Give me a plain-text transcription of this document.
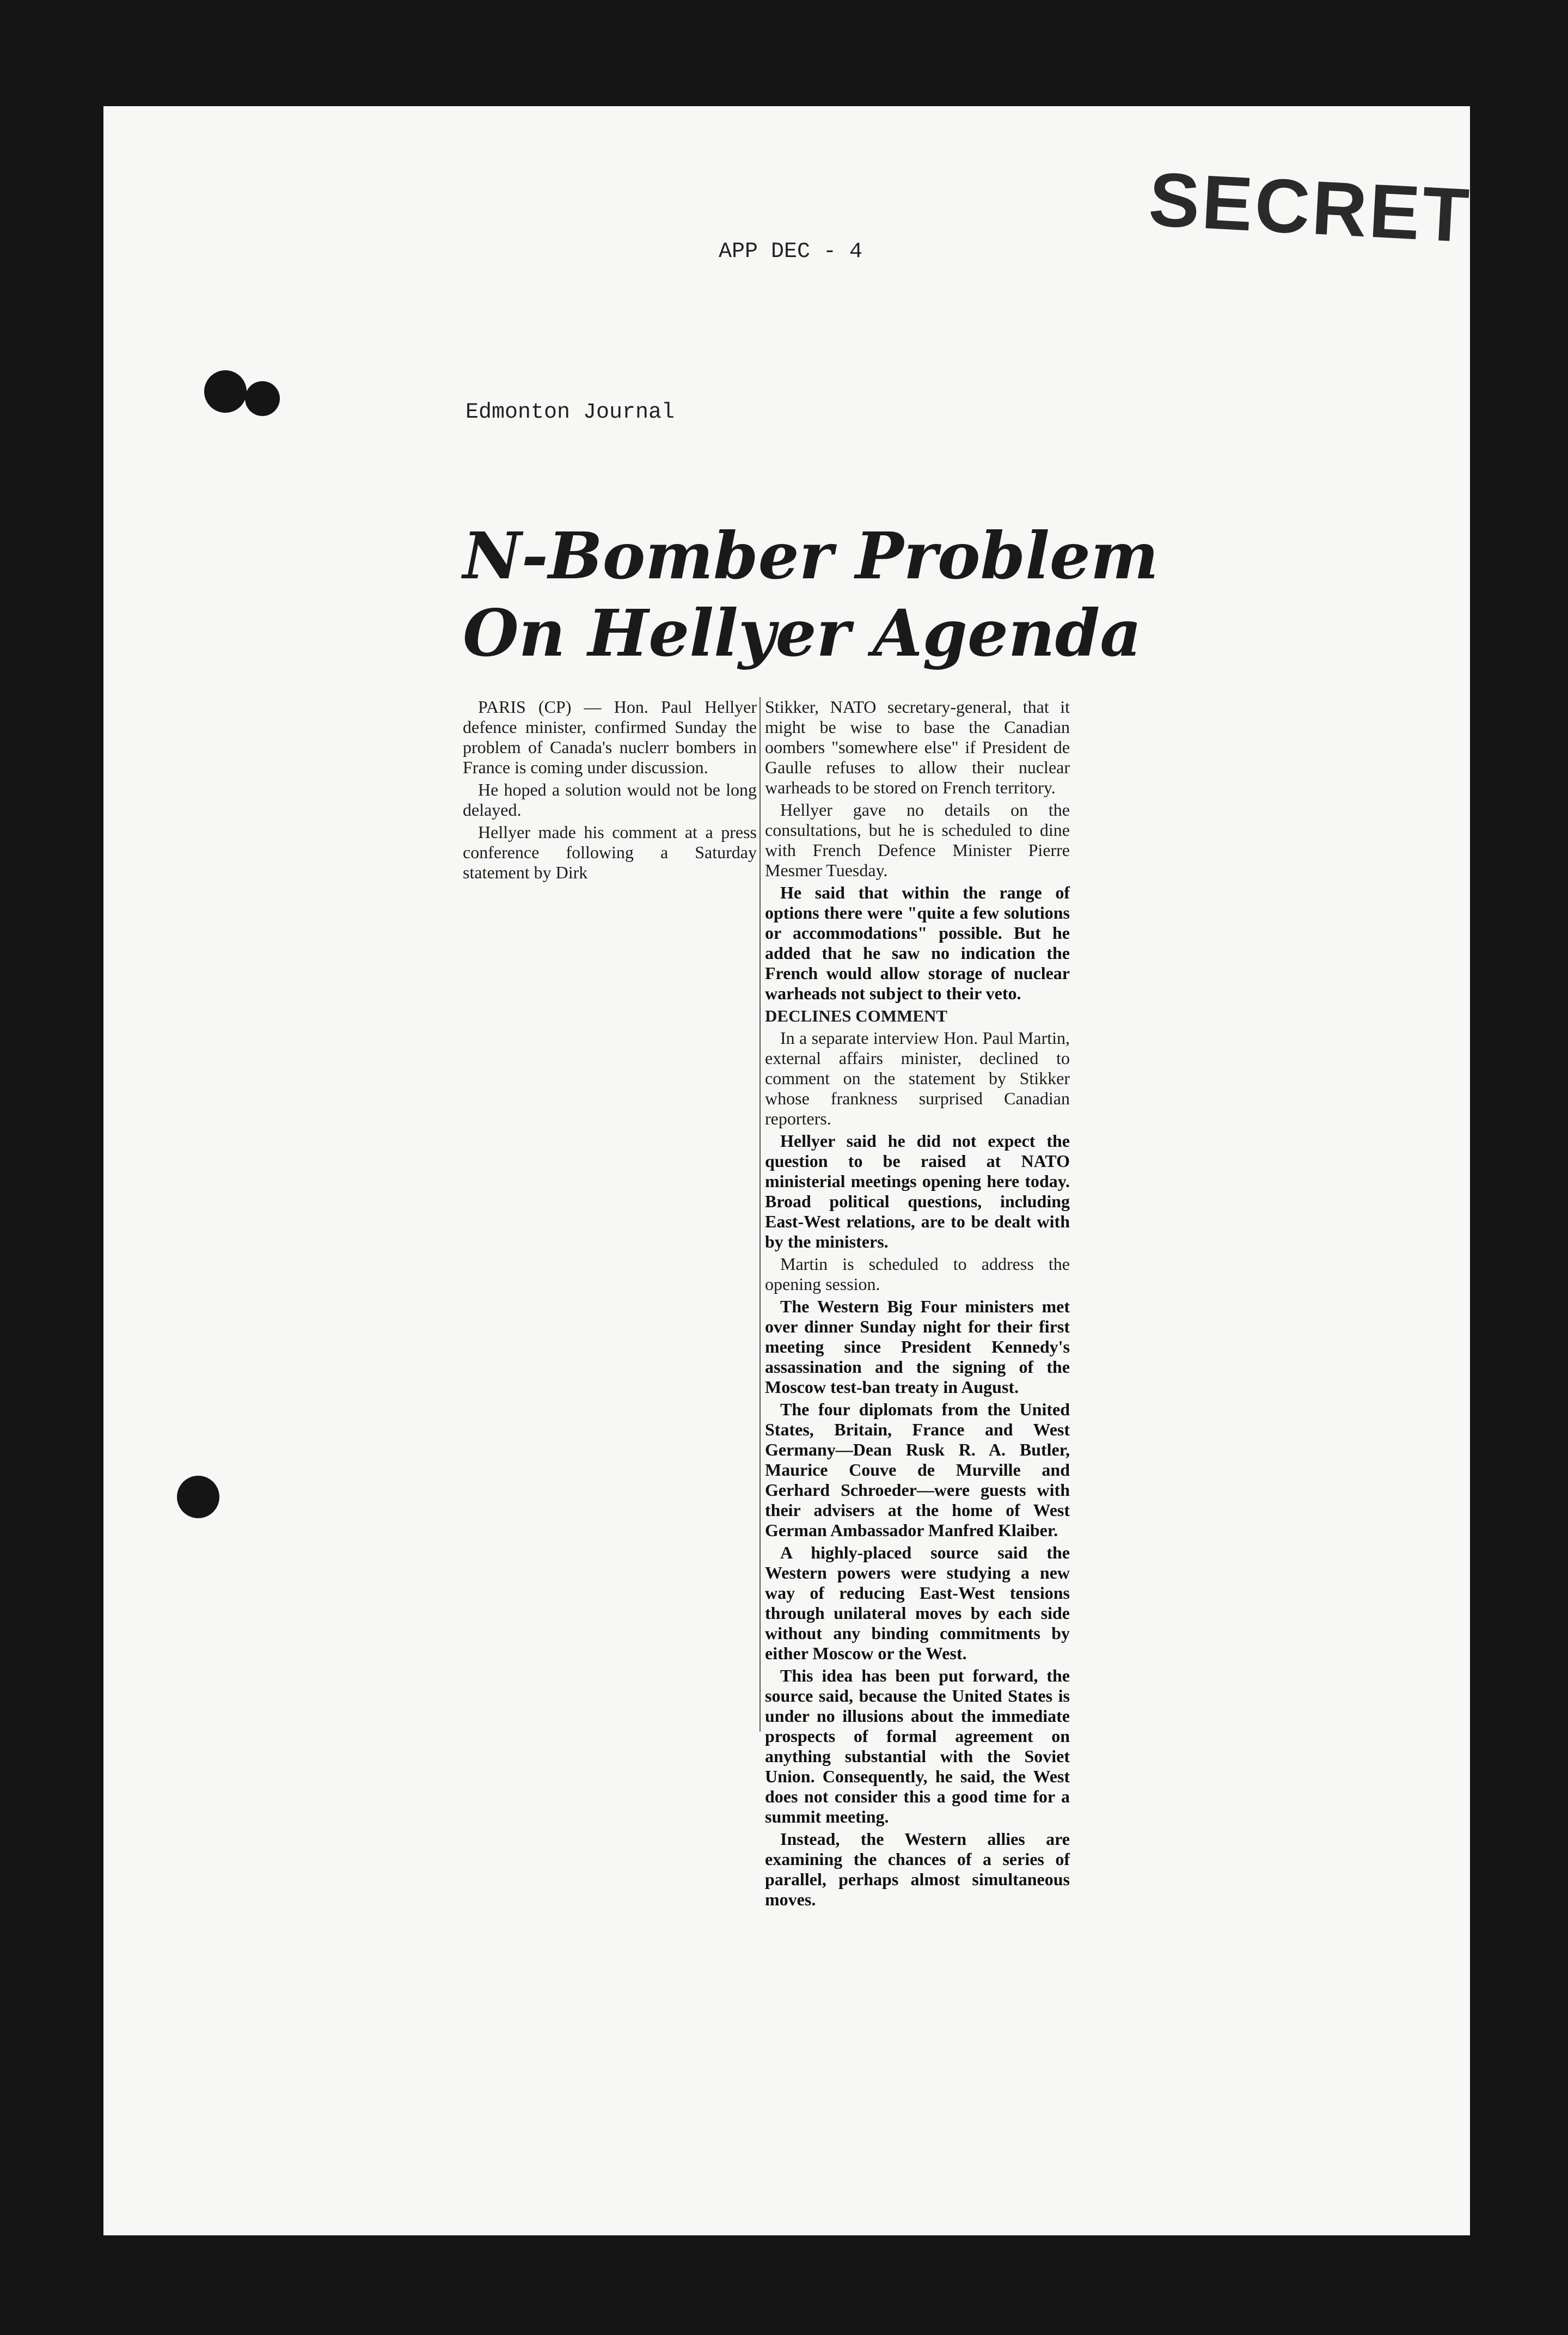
SECRET
APP DEC - 4
Edmonton Journal
N-Bomber Problem
On Hellyer Agenda

PARIS (CP) — Hon. Paul Hellyer defence minister, confirmed Sunday the problem of Canada's nuclerr bombers in France is coming under discussion.

He hoped a solution would not be long delayed.

Hellyer made his comment at a press conference following a Saturday statement by Dirk

Stikker, NATO secretary-general, that it might be wise to base the Canadian oombers "somewhere else" if President de Gaulle refuses to allow their nuclear warheads to be stored on French territory.

Hellyer gave no details on the consultations, but he is scheduled to dine with French Defence Minister Pierre Mesmer Tuesday.

He said that within the range of options there were "quite a few solutions or accommodations" possible. But he added that he saw no indication the French would allow storage of nuclear warheads not subject to their veto.

DECLINES COMMENT

In a separate interview Hon. Paul Martin, external affairs minister, declined to comment on the statement by Stikker whose frankness surprised Canadian reporters.

Hellyer said he did not expect the question to be raised at NATO ministerial meetings opening here today. Broad political questions, including East-West relations, are to be dealt with by the ministers.

Martin is scheduled to address the opening session.

The Western Big Four ministers met over dinner Sunday night for their first meeting since President Kennedy's assassination and the signing of the Moscow test-ban treaty in August.

The four diplomats from the United States, Britain, France and West Germany—Dean Rusk R. A. Butler, Maurice Couve de Murville and Gerhard Schroeder—were guests with their advisers at the home of West German Ambassador Manfred Klaiber.

A highly-placed source said the Western powers were studying a new way of reducing East-West tensions through unilateral moves by each side without any binding commitments by either Moscow or the West.

This idea has been put forward, the source said, because the United States is under no illusions about the immediate prospects of formal agreement on anything substantial with the Soviet Union. Consequently, he said, the West does not consider this a good time for a summit meeting.

Instead, the Western allies are examining the chances of a series of parallel, perhaps almost simultaneous moves.
